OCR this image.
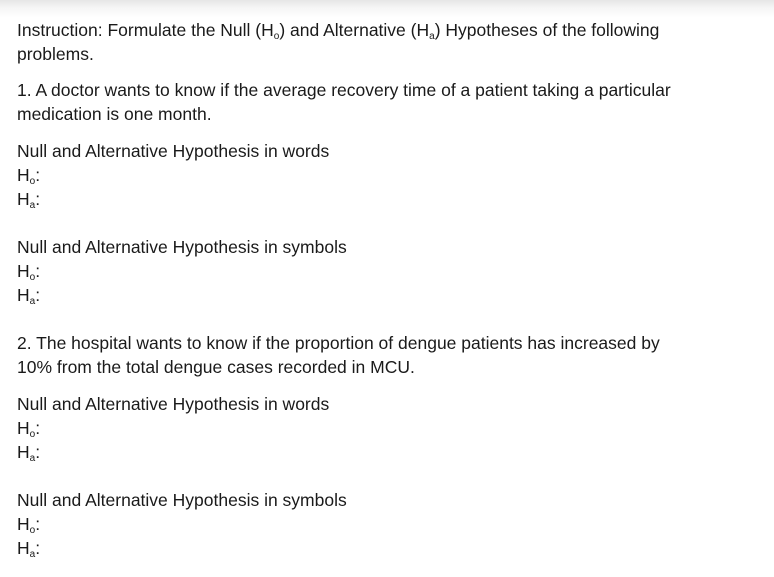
Instruction: Formulate the Null $(H_o)$ and Alternative $(H_a)$ Hypotheses of the following
problems.

1. A doctor wants to know if the average recovery time of a patient taking a particular
medication is one month.

Null and Alternative Hypothesis in words

$H_o$:
$H_a$:

Null and Alternative Hypothesis in symbols

$H_o$:
$H_a$:

2. The hospital wants to know if the proportion of dengue patients has increased by
10% from the total dengue cases recorded in MCU.

Null and Alternative Hypothesis in words

$H_o$:
$H_a$:

Null and Alternative Hypothesis in symbols

$H_o$:
$H_a$:
